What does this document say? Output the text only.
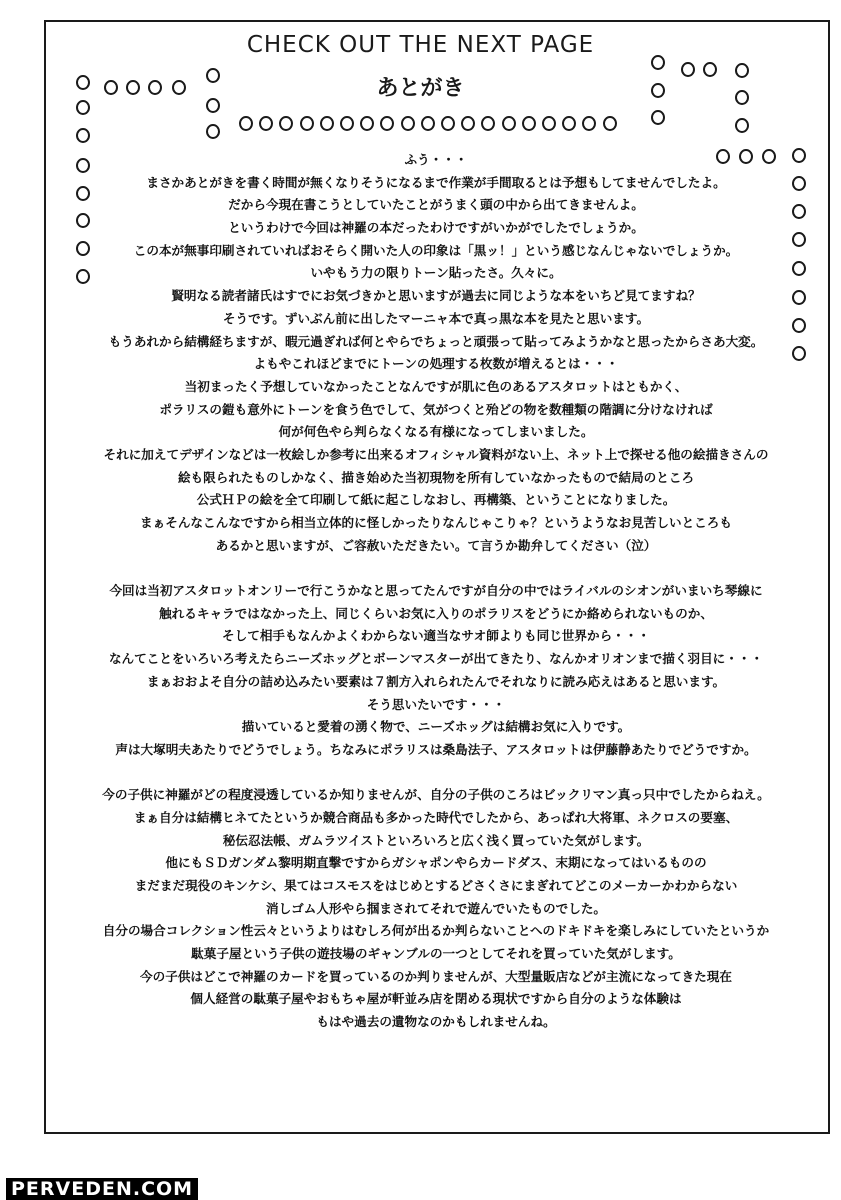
CHECK OUT THE NEXT PAGE
あとがき
ふう・・・
まさかあとがきを書く時間が無くなりそうになるまで作業が手間取るとは予想もしてませんでしたよ。
だから今現在書こうとしていたことがうまく頭の中から出てきませんよ。
というわけで今回は神羅の本だったわけですがいかがでしたでしょうか。
この本が無事印刷されていればおそらく開いた人の印象は「黒ッ！」という感じなんじゃないでしょうか。
いやもう力の限りトーン貼ったさ。久々に。
賢明なる読者諸氏はすでにお気づきかと思いますが過去に同じような本をいちど見てますね？
そうです。ずいぶん前に出したマーニャ本で真っ黒な本を見たと思います。
もうあれから結構経ちますが、暇元過ぎれば何とやらでちょっと頑張って貼ってみようかなと思ったからさあ大変。
よもやこれほどまでにトーンの処理する枚数が増えるとは・・・
当初まったく予想していなかったことなんですが肌に色のあるアスタロットはともかく、
ポラリスの鎧も意外にトーンを食う色でして、気がつくと殆どの物を数種類の階調に分けなければ
何が何色やら判らなくなる有様になってしまいました。
それに加えてデザインなどは一枚絵しか参考に出来るオフィシャル資料がない上、ネット上で探せる他の絵描きさんの
絵も限られたものしかなく、描き始めた当初現物を所有していなかったもので結局のところ
公式ＨＰの絵を全て印刷して紙に起こしなおし、再構築、ということになりました。
まぁそんなこんなですから相当立体的に怪しかったりなんじゃこりゃ？というようなお見苦しいところも
あるかと思いますが、ご容赦いただきたい。て言うか勘弁してください（泣）
今回は当初アスタロットオンリーで行こうかなと思ってたんですが自分の中ではライバルのシオンがいまいち琴線に
触れるキャラではなかった上、同じくらいお気に入りのポラリスをどうにか絡められないものか、
そして相手もなんかよくわからない適当なサオ師よりも同じ世界から・・・
なんてことをいろいろ考えたらニーズホッグとボーンマスターが出てきたり、なんかオリオンまで描く羽目に・・・
まぁおおよそ自分の詰め込みたい要素は７割方入れられたんでそれなりに読み応えはあると思います。
そう思いたいです・・・
描いていると愛着の湧く物で、ニーズホッグは結構お気に入りです。
声は大塚明夫あたりでどうでしょう。ちなみにポラリスは桑島法子、アスタロットは伊藤静あたりでどうですか。
今の子供に神羅がどの程度浸透しているか知りませんが、自分の子供のころはビックリマン真っ只中でしたからねえ。
まぁ自分は結構ヒネてたというか競合商品も多かった時代でしたから、あっぱれ大将軍、ネクロスの要塞、
秘伝忍法帳、ガムラツイストといろいろと広く浅く買っていた気がします。
他にもＳＤガンダム黎明期直撃ですからガシャポンやらカードダス、末期になってはいるものの
まだまだ現役のキンケシ、果てはコスモスをはじめとするどさくさにまぎれてどこのメーカーかわからない
消しゴム人形やら掴まされてそれで遊んでいたものでした。
自分の場合コレクション性云々というよりはむしろ何が出るか判らないことへのドキドキを楽しみにしていたというか
駄菓子屋という子供の遊技場のギャンブルの一つとしてそれを買っていた気がします。
今の子供はどこで神羅のカードを買っているのか判りませんが、大型量販店などが主流になってきた現在
個人経営の駄菓子屋やおもちゃ屋が軒並み店を閉める現状ですから自分のような体験は
もはや過去の遺物なのかもしれませんね。
PERVEDEN.COM
